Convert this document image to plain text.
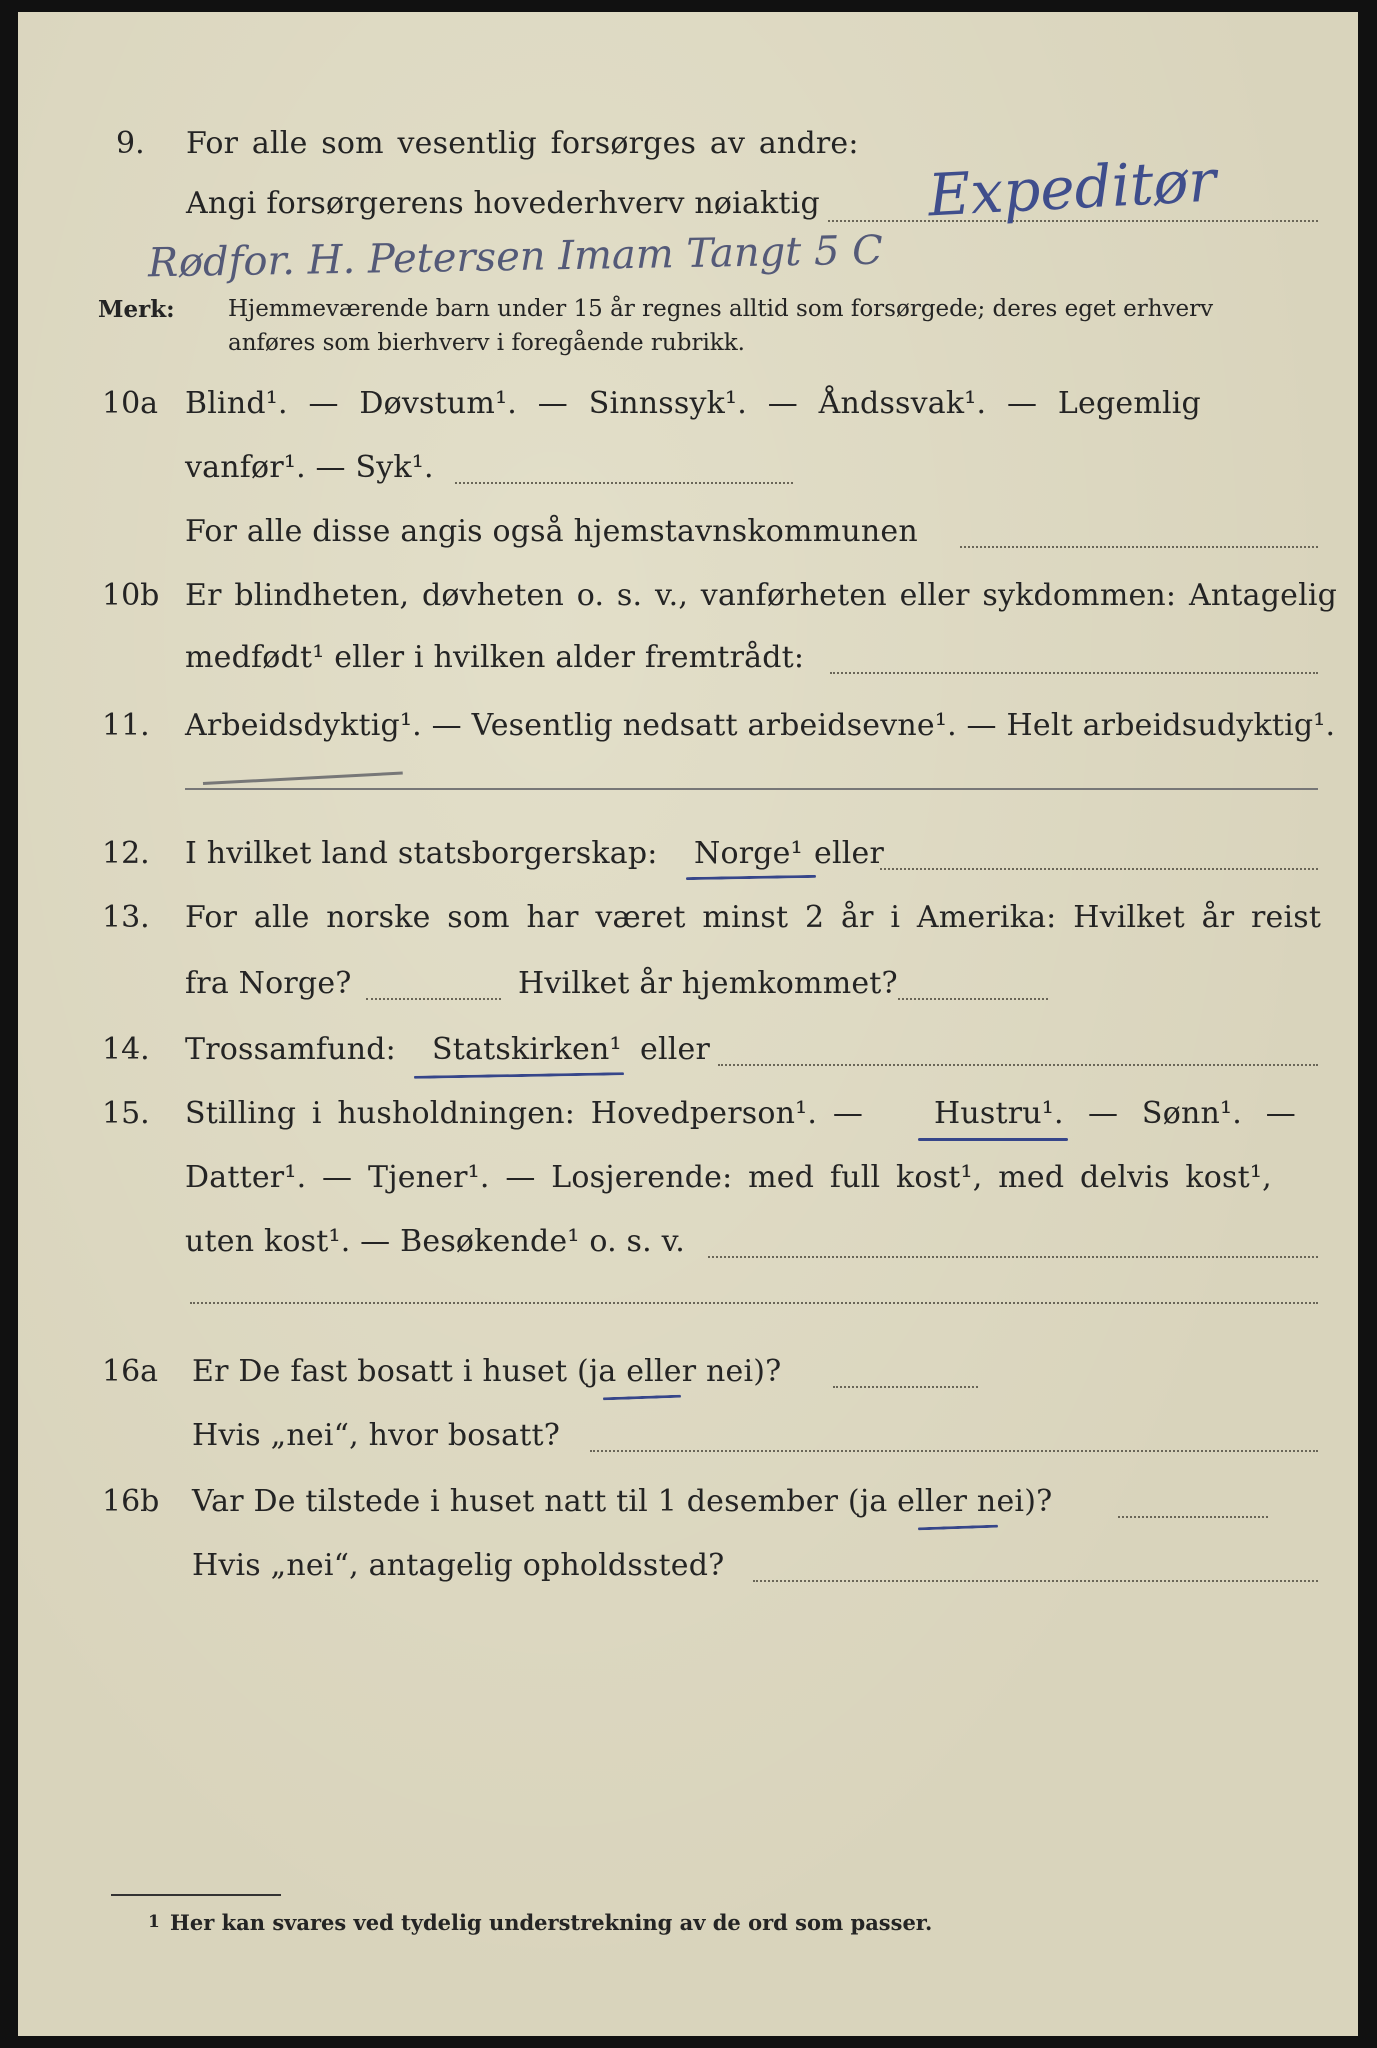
9. For alle som vesentlig forsørges av andre:
Angi forsørgerens hovederhverv nøiaktig Expeditør
Rødfor. H. Petersen Imam Tangt 5 C
Merk: Hjemmeværende barn under 15 år regnes alltid som forsørgede; deres eget erhverv
anføres som bierhverv i foregående rubrikk.
10a Blind¹. — Døvstum¹. — Sinnssyk¹. — Åndssvak¹. — Legemlig
vanfør¹. — Syk¹.
For alle disse angis også hjemstavnskommunen
10b Er blindheten, døvheten o. s. v., vanførheten eller sykdommen: Antagelig
medfødt¹ eller i hvilken alder fremtrådt:
11. Arbeidsdyktig¹. — Vesentlig nedsatt arbeidsevne¹. — Helt arbeidsudyktig¹.
12. I hvilket land statsborgerskap: Norge¹ eller
13. For alle norske som har været minst 2 år i Amerika: Hvilket år reist
fra Norge?	Hvilket år hjemkommet?
14. Trossamfund: Statskirken¹ eller
15. Stilling i husholdningen: Hovedperson¹. — Hustru¹. — Sønn¹. —
Datter¹. — Tjener¹. — Losjerende: med full kost¹, med delvis kost¹,
uten kost¹. — Besøkende¹ o. s. v.
16a Er De fast bosatt i huset (ja eller nei)?
Hvis „nei“, hvor bosatt?
16b Var De tilstede i huset natt til 1 desember (ja eller nei)?
Hvis „nei“, antagelig opholdssted?
1 Her kan svares ved tydelig understrekning av de ord som passer.
